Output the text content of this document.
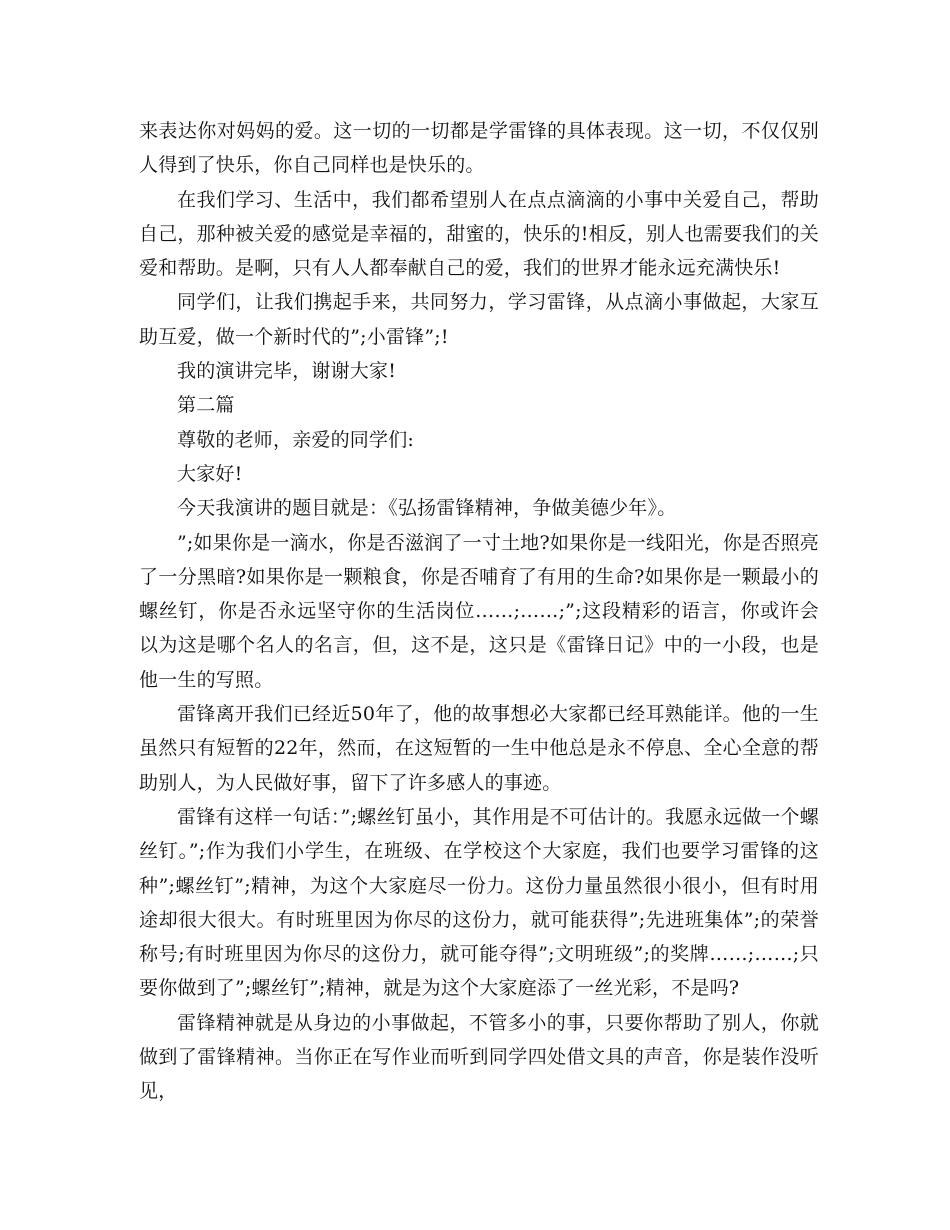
来表达你对妈妈的爱。这一切的一切都是学雷锋的具体表现。这一切，不仅仅别人得到了快乐，你自己同样也是快乐的。

在我们学习、生活中，我们都希望别人在点点滴滴的小事中关爱自己，帮助自己，那种被关爱的感觉是幸福的，甜蜜的，快乐的!相反，别人也需要我们的关爱和帮助。是啊，只有人人都奉献自己的爱，我们的世界才能永远充满快乐!

同学们，让我们携起手来，共同努力，学习雷锋，从点滴小事做起，大家互助互爱，做一个新时代的”;小雷锋”;!

我的演讲完毕，谢谢大家!

第二篇

尊敬的老师，亲爱的同学们:

大家好!

今天我演讲的题目就是：《弘扬雷锋精神，争做美德少年》。

”;如果你是一滴水，你是否滋润了一寸土地?如果你是一线阳光，你是否照亮了一分黑暗?如果你是一颗粮食，你是否哺育了有用的生命?如果你是一颗最小的螺丝钉，你是否永远坚守你的生活岗位……;……;”;这段精彩的语言，你或许会以为这是哪个名人的名言，但，这不是，这只是《雷锋日记》中的一小段，也是他一生的写照。

雷锋离开我们已经近50年了，他的故事想必大家都已经耳熟能详。他的一生虽然只有短暂的22年，然而，在这短暂的一生中他总是永不停息、全心全意的帮助别人，为人民做好事，留下了许多感人的事迹。

雷锋有这样一句话：”;螺丝钉虽小，其作用是不可估计的。我愿永远做一个螺丝钉。”;作为我们小学生，在班级、在学校这个大家庭，我们也要学习雷锋的这种”;螺丝钉”;精神，为这个大家庭尽一份力。这份力量虽然很小很小，但有时用途却很大很大。有时班里因为你尽的这份力，就可能获得”;先进班集体”;的荣誉称号;有时班里因为你尽的这份力，就可能夺得”;文明班级”;的奖牌……;……;只要你做到了”;螺丝钉”;精神，就是为这个大家庭添了一丝光彩，不是吗?

雷锋精神就是从身边的小事做起，不管多小的事，只要你帮助了别人，你就做到了雷锋精神。当你正在写作业而听到同学四处借文具的声音，你是装作没听见，
